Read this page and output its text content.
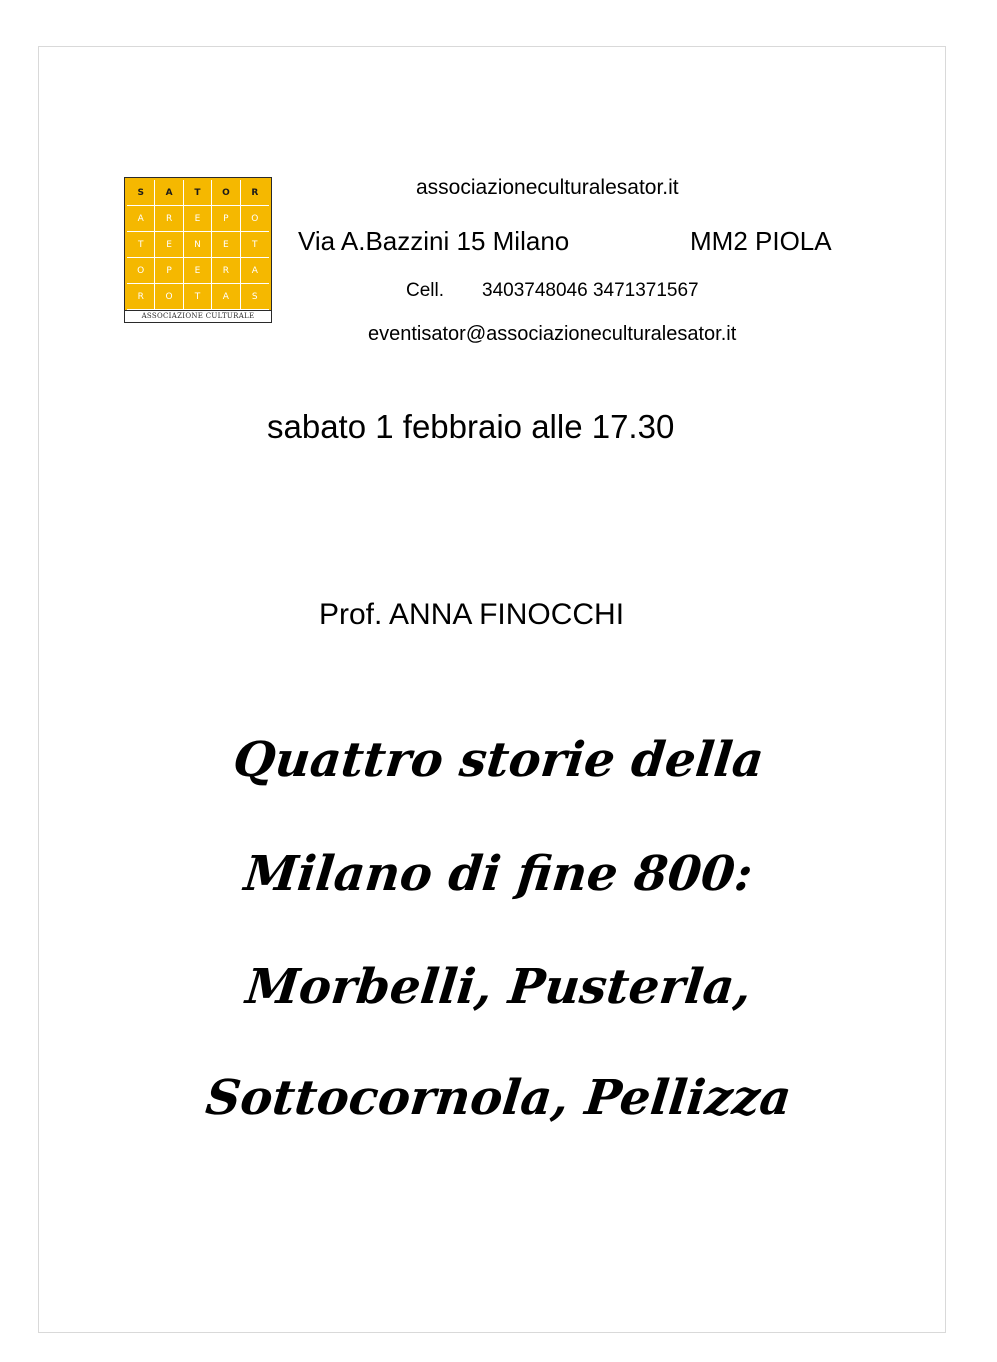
S	A	T	O	R
A	R	E	P	O
T	E	N	E	T
O	P	E	R	A
R	O	T	A	S
ASSOCIAZIONE CULTURALE
associazioneculturalesator.it
Via A.Bazzini 15 Milano	MM2 PIOLA
Cell. 3403748046 3471371567
eventisator@associazioneculturalesator.it
sabato 1 febbraio alle 17.30
Prof. ANNA FINOCCHI
Quattro storie della
Milano di fine 800:
Morbelli, Pusterla,
Sottocornola, Pellizza
